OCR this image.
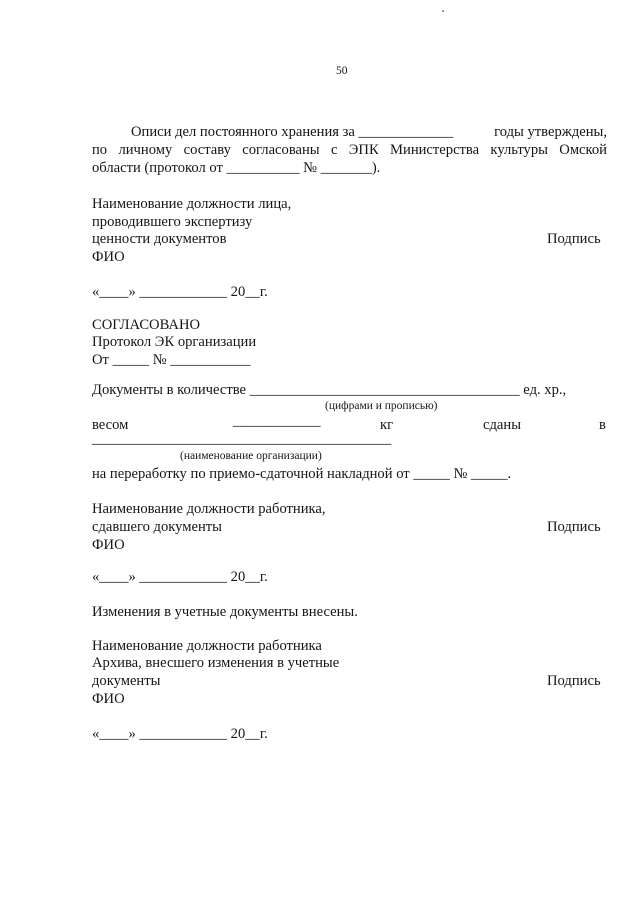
50
Описи дел постоянного хранения за _____________	годы утверждены,
по личному составу согласованы с ЭПК Министерства культуры Омской
области (протокол от __________ № _______).
Наименование должности лица,
проводившего экспертизу
ценности документов	Подпись
ФИО
«____» ____________ 20__г.
СОГЛАСОВАНО
Протокол ЭК организации
От _____ № ___________
Документы в количестве _____________________________________ ед. хр.,
(цифрами и прописью)
весом	____________	кг	сданы	в
_________________________________________
(наименование организации)
на переработку по приемо-сдаточной накладной от _____ № _____.
Наименование должности работника,
сдавшего документы	Подпись
ФИО
«____» ____________ 20__г.
Изменения в учетные документы внесены.
Наименование должности работника
Архива, внесшего изменения в учетные
документы	Подпись
ФИО
«____» ____________ 20__г.
